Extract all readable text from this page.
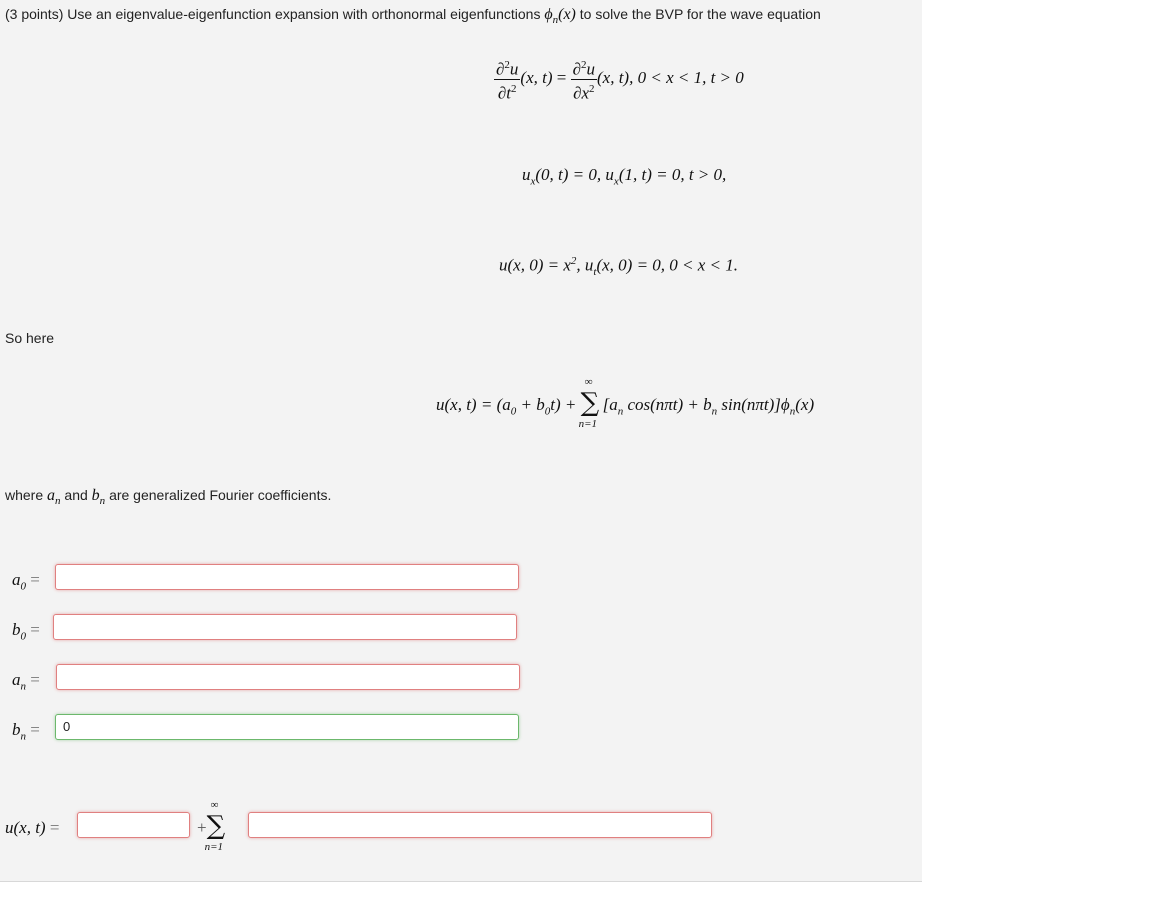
(3 points) Use an eigenvalue-eigenfunction expansion with orthonormal eigenfunctions $\phi_n(x)$ to solve the BVP for the wave equation
$\frac{\partial^2u}{\partial t^2} (x$, $t) = \frac{\partial^2u}{\partial x^2} (x$, t), 0 < x < 1, t > 0
$u_x(0$, t) = 0, $u_x(1$, t) = 0, t > 0,
u(x, $0) = x^2$, $u_t(x$, 0) = 0, 0 < x < 1.
So here
u(x, $t) = (a_0 + b_0t)$ + ∑
∞
n=1
[$a_n$ $\cos(n\pi t) + b_n$ $\sin(n\pi t)]\phi_n(x)$
where $a_n$ and $b_n$ are generalized Fourier coefficients.
$a_0$ =
$b_0$ =
$a_n$ =
$b_n$ =	0
u(x, t) =	+ ∑
∞
n=1
